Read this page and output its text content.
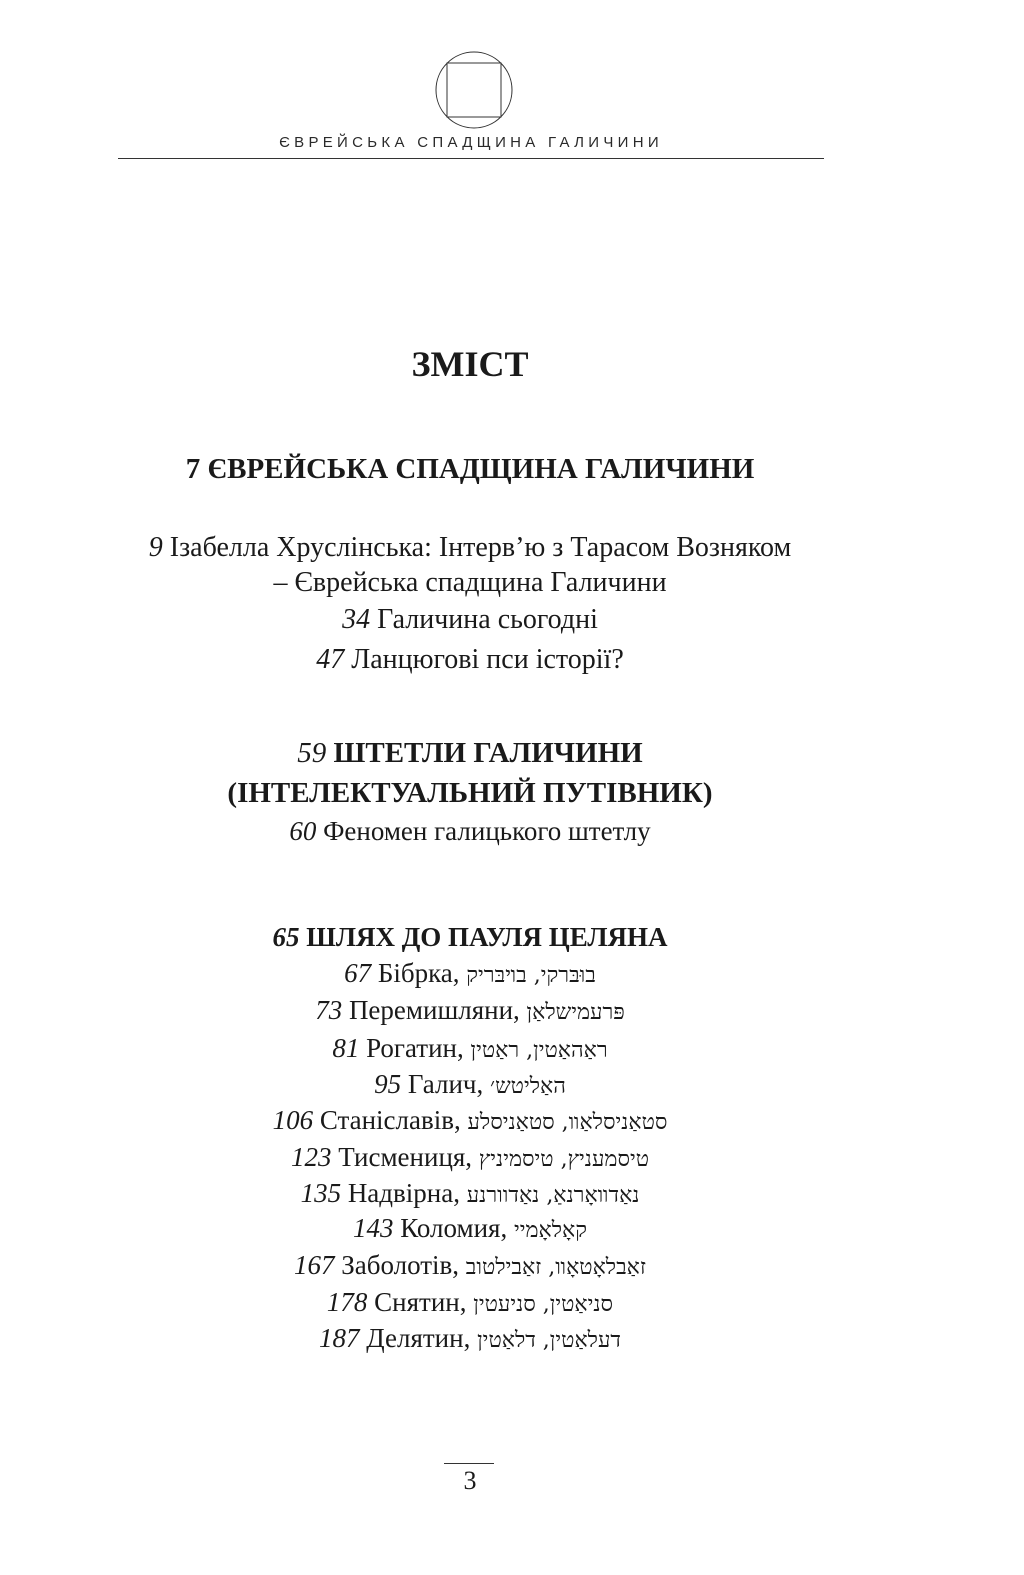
ЄВРЕЙСЬКА СПАДЩИНА ГАЛИЧИНИ
ЗМІСТ
7 ЄВРЕЙСЬКА СПАДЩИНА ГАЛИЧИНИ
9 Ізабелла Хруслінська: Інтерв’ю з Тарасом Возняком
– Єврейська спадщина Галичини
34 Галичина сьогодні
47 Ланцюгові пси історії?
59 ШТЕТЛИ ГАЛИЧИНИ
(ІНТЕЛЕКТУАЛЬНИЙ ПУТІВНИК)
60 Феномен галицького штетлу
65 ШЛЯХ ДО ПАУЛЯ ЦЕЛЯНА
67 Бібрка, בוּבּרקי, בױבּריק
73 Перемишляни, פּרעמישלאַן
81 Рогатин, ראַהאַטין, ראַטין
95 Галич, האַליטש׳
106 Станіславів, סטאַניסלאַװ, סטאַניסלע
123 Тисмениця, טיסמעניץ, טיסמיניץ
135 Надвірна, נאַדװאָרנאַ, נאַדוורנע
143 Коломия, קאָלאָמיי
167 Заболотів, זאַבלאָטאָװ, זאַבילטוב
178 Снятин, סניאַטין, סניעטין
187 Делятин, דעלאַטין, דלאַטין
3
